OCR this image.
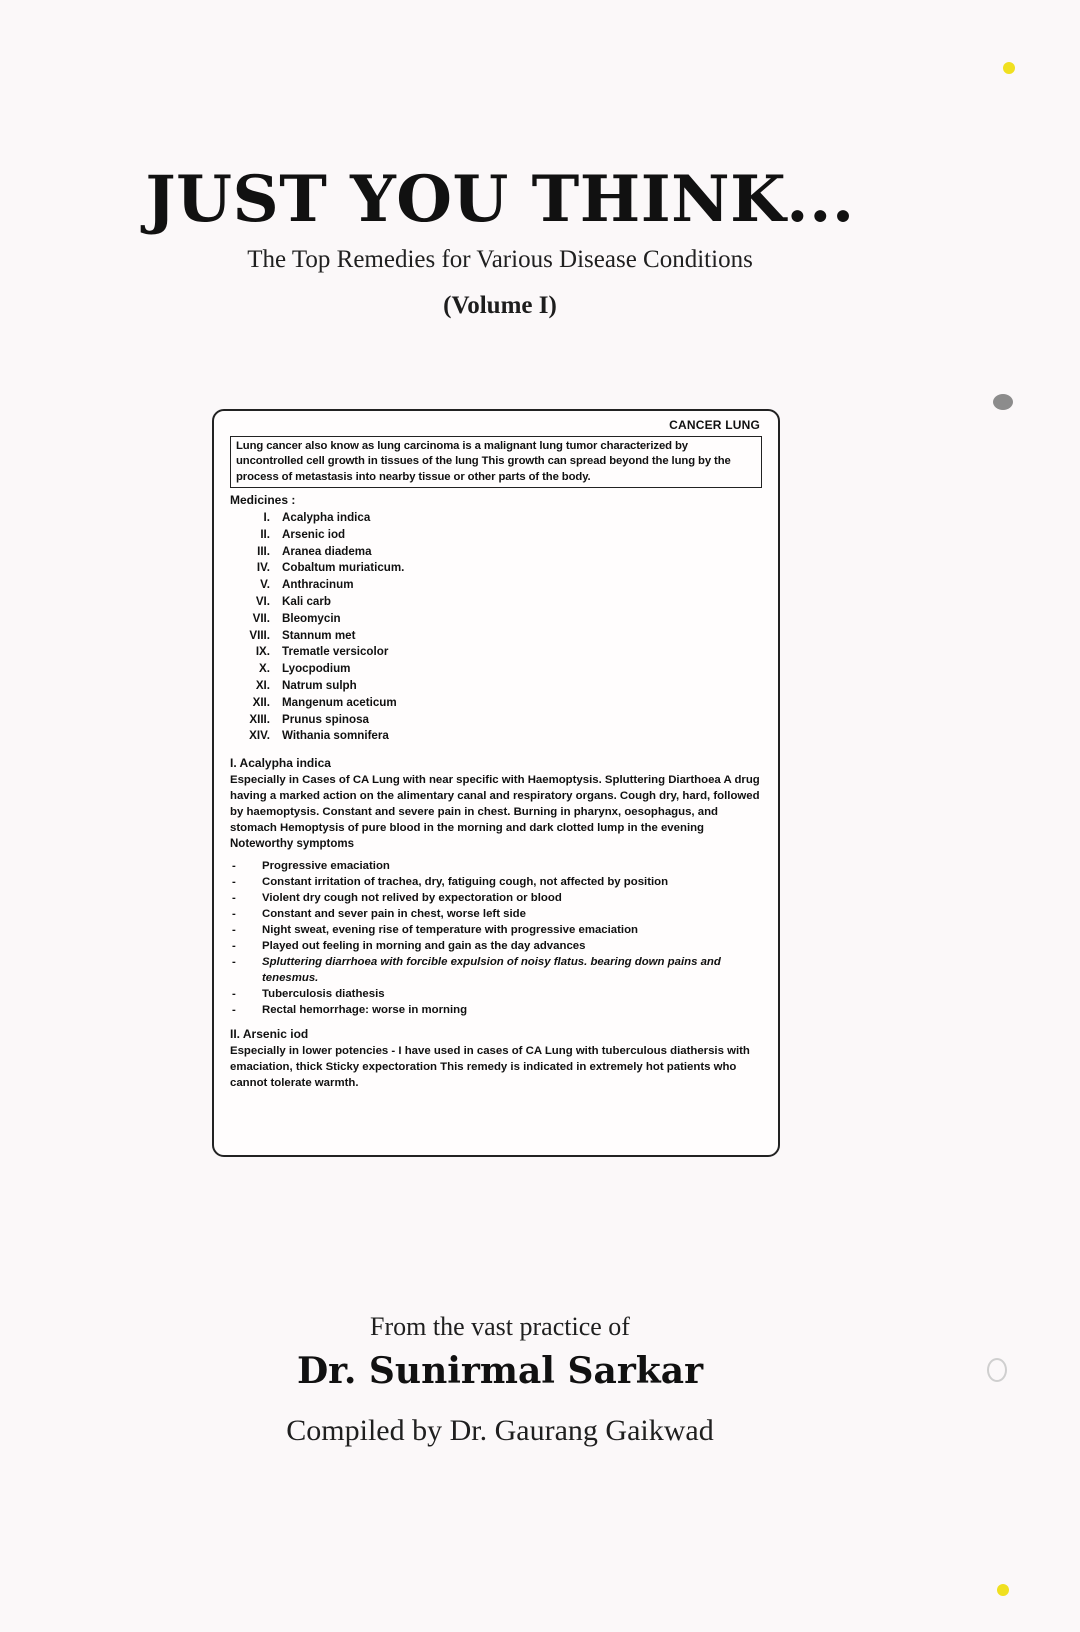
JUST YOU THINK...

The Top Remedies for Various Disease Conditions

(Volume I)

CANCER LUNG
Lung cancer also know as lung carcinoma is a malignant lung tumor characterized by uncontrolled cell growth in tissues of the lung This growth can spread beyond the lung by the process of metastasis into nearby tissue or other parts of the body.
Medicines :
I. Acalypha indica
II. Arsenic iod
III. Aranea diadema
IV. Cobaltum muriaticum.
V. Anthracinum
VI. Kali carb
VII. Bleomycin
VIII. Stannum met
IX. Trematle versicolor
X. Lyocpodium
XI. Natrum sulph
XII. Mangenum aceticum
XIII. Prunus spinosa
XIV. Withania somnifera
I. Acalypha indica

Especially in Cases of CA Lung with near specific with Haemoptysis. Spluttering Diarthoea A drug having a marked action on the alimentary canal and respiratory organs. Cough dry, hard, followed by haemoptysis. Constant and severe pain in chest. Burning in pharynx, oesophagus, and stomach Hemoptysis of pure blood in the morning and dark clotted lump in the evening

Noteworthy symptoms
-	Progressive emaciation
-	Constant irritation of trachea, dry, fatiguing cough, not affected by position
-	Violent dry cough not relived by expectoration or blood
-	Constant and sever pain in chest, worse left side
-	Night sweat, evening rise of temperature with progressive emaciation
-	Played out feeling in morning and gain as the day advances
-	Spluttering diarrhoea with forcible expulsion of noisy flatus. bearing down pains and tenesmus.
-	Tuberculosis diathesis
-	Rectal hemorrhage: worse in morning
II. Arsenic iod

Especially in lower potencies - I have used in cases of CA Lung with tuberculous diathersis with emaciation, thick Sticky expectoration This remedy is indicated in extremely hot patients who cannot tolerate warmth.

From the vast practice of

Dr. Sunirmal Sarkar

Compiled by Dr. Gaurang Gaikwad
